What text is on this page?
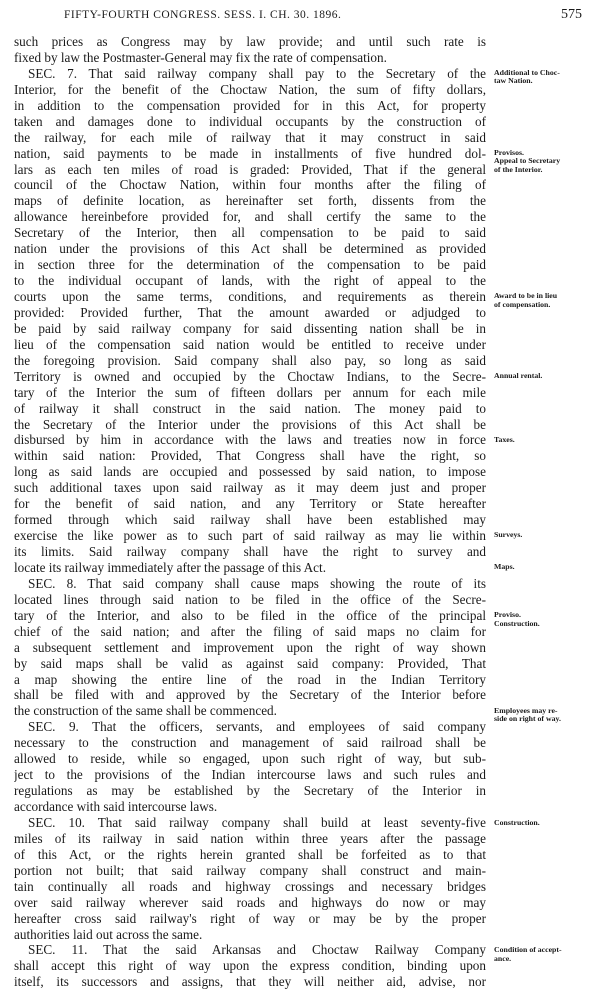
FIFTY-FOURTH CONGRESS. SESS. I. CH. 30. 1896.	575
such prices as Congress may by law provide; and until such rate is
fixed by law the Postmaster-General may fix the rate of compensation.
SEC. 7. That said railway company shall pay to the Secretary of the
Interior, for the benefit of the Choctaw Nation, the sum of fifty dollars,
in addition to the compensation provided for in this Act, for property
taken and damages done to individual occupants by the construction of
the railway, for each mile of railway that it may construct in said
nation, said payments to be made in installments of five hundred dol-
lars as each ten miles of road is graded: Provided, That if the general
council of the Choctaw Nation, within four months after the filing of
maps of definite location, as hereinafter set forth, dissents from the
allowance hereinbefore provided for, and shall certify the same to the
Secretary of the Interior, then all compensation to be paid to said
nation under the provisions of this Act shall be determined as provided
in section three for the determination of the compensation to be paid
to the individual occupant of lands, with the right of appeal to the
courts upon the same terms, conditions, and requirements as therein
provided: Provided further, That the amount awarded or adjudged to
be paid by said railway company for said dissenting nation shall be in
lieu of the compensation said nation would be entitled to receive under
the foregoing provision. Said company shall also pay, so long as said
Territory is owned and occupied by the Choctaw Indians, to the Secre-
tary of the Interior the sum of fifteen dollars per annum for each mile
of railway it shall construct in the said nation. The money paid to
the Secretary of the Interior under the provisions of this Act shall be
disbursed by him in accordance with the laws and treaties now in force
within said nation: Provided, That Congress shall have the right, so
long as said lands are occupied and possessed by said nation, to impose
such additional taxes upon said railway as it may deem just and proper
for the benefit of said nation, and any Territory or State hereafter
formed through which said railway shall have been established may
exercise the like power as to such part of said railway as may lie within
its limits. Said railway company shall have the right to survey and
locate its railway immediately after the passage of this Act.
SEC. 8. That said company shall cause maps showing the route of its
located lines through said nation to be filed in the office of the Secre-
tary of the Interior, and also to be filed in the office of the principal
chief of the said nation; and after the filing of said maps no claim for
a subsequent settlement and improvement upon the right of way shown
by said maps shall be valid as against said company: Provided, That
a map showing the entire line of the road in the Indian Territory
shall be filed with and approved by the Secretary of the Interior before
the construction of the same shall be commenced.
SEC. 9. That the officers, servants, and employees of said company
necessary to the construction and management of said railroad shall be
allowed to reside, while so engaged, upon such right of way, but sub-
ject to the provisions of the Indian intercourse laws and such rules and
regulations as may be established by the Secretary of the Interior in
accordance with said intercourse laws.
SEC. 10. That said railway company shall build at least seventy-five
miles of its railway in said nation within three years after the passage
of this Act, or the rights herein granted shall be forfeited as to that
portion not built; that said railway company shall construct and main-
tain continually all roads and highway crossings and necessary bridges
over said railway wherever said roads and highways do now or may
hereafter cross said railway's right of way or may be by the proper
authorities laid out across the same.
SEC. 11. That the said Arkansas and Choctaw Railway Company
shall accept this right of way upon the express condition, binding upon
itself, its successors and assigns, that they will neither aid, advise, nor
Additional to Choc-
taw Nation.
Provisos.
Appeal to Secretary
of the Interior.
Award to be in lieu
of compensation.
Annual rental.
Taxes.
Surveys.
Maps.
Proviso.
Construction.
Employees may re-
side on right of way.
Construction.
Condition of accept-
ance.
